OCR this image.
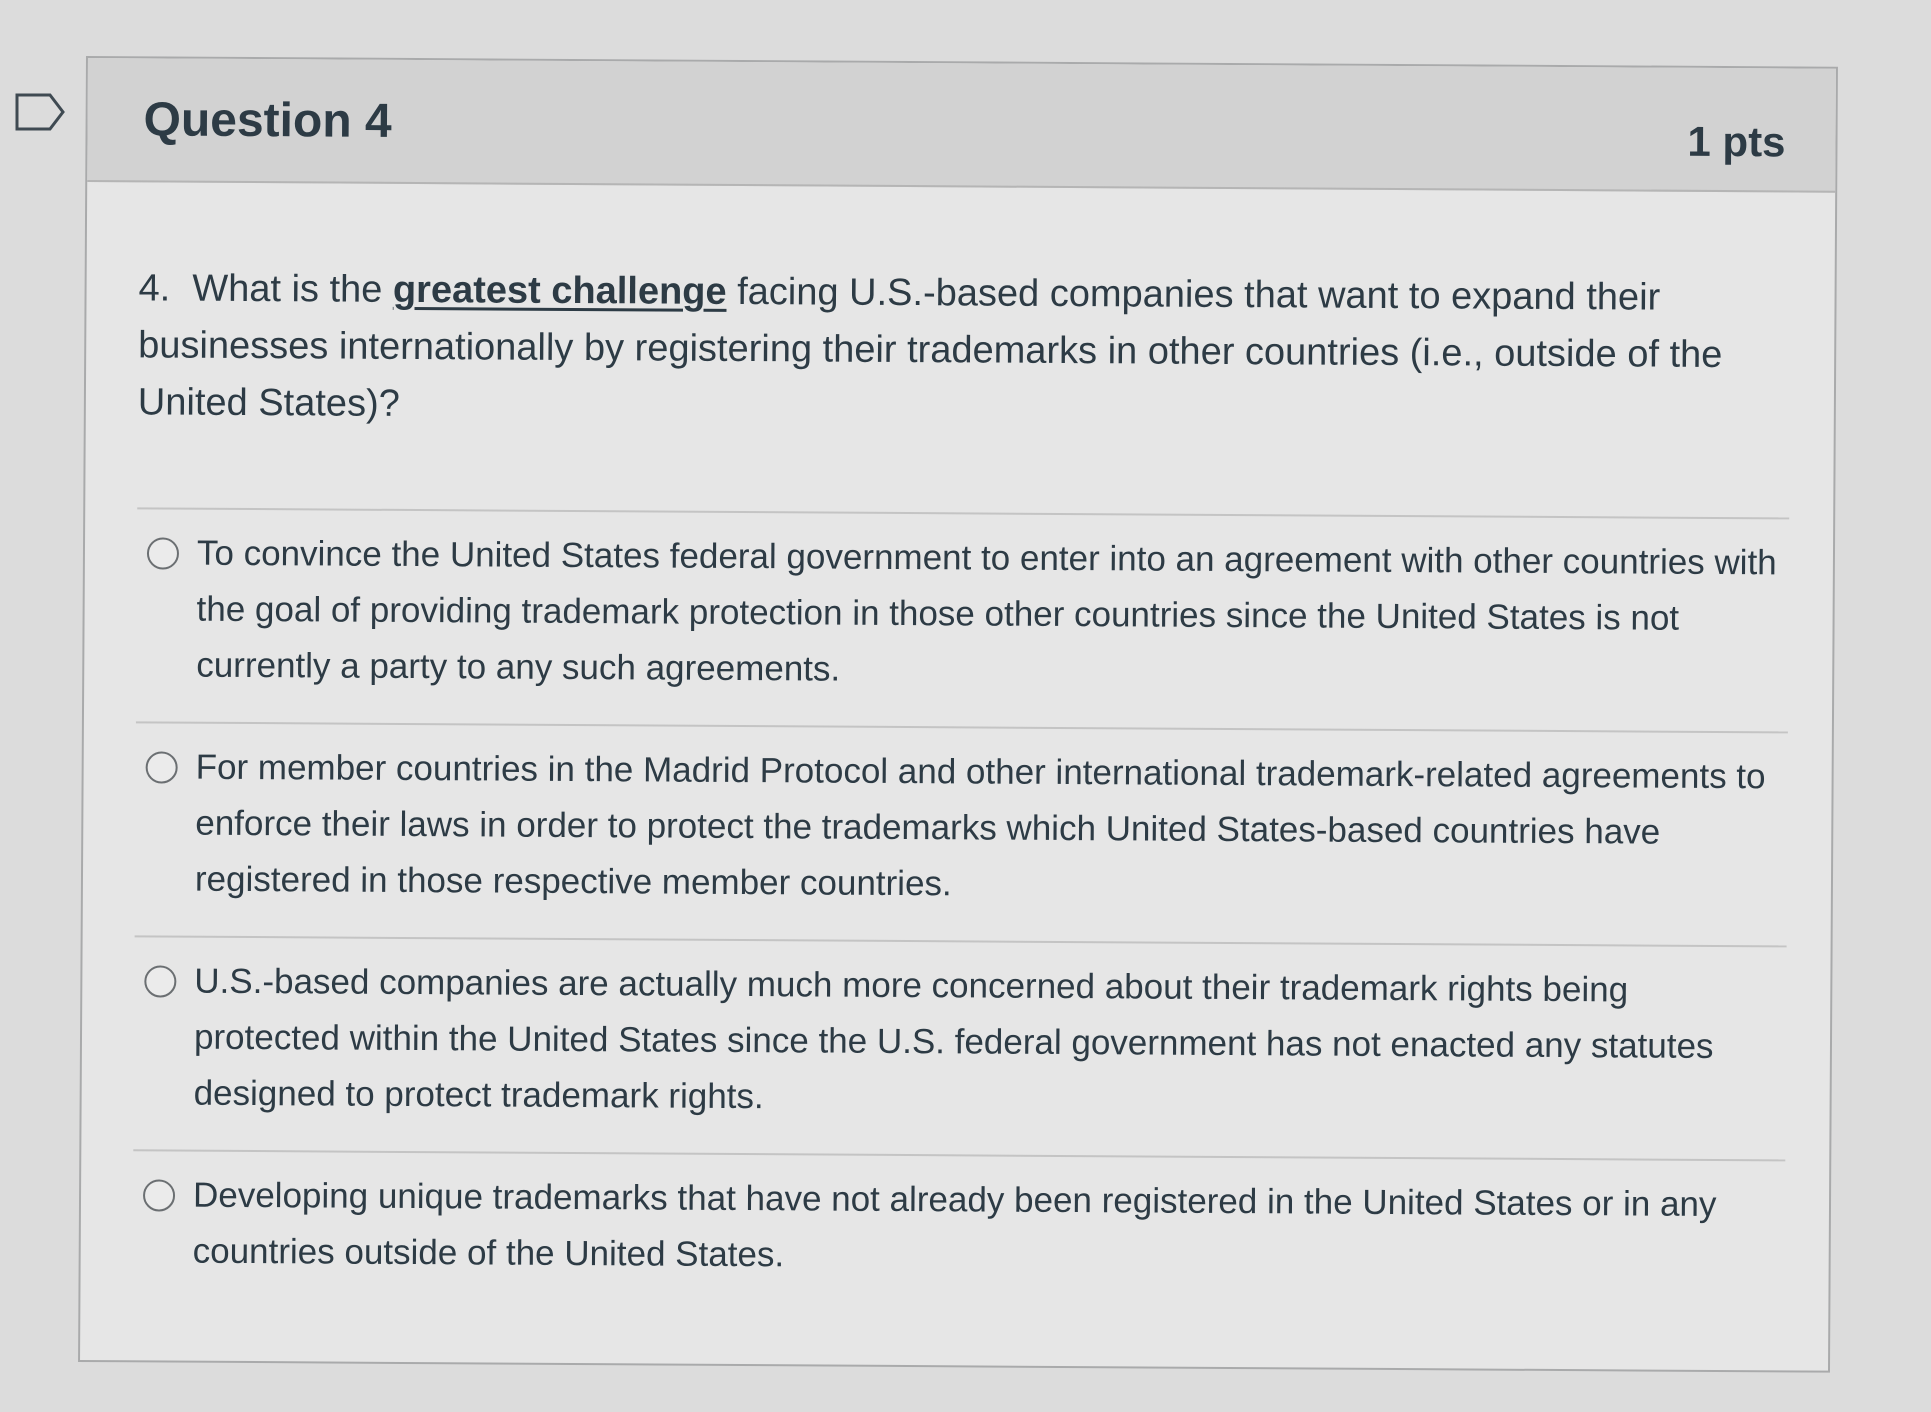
Question 4	1 pts

4. What is the greatest challenge facing U.S.-based companies that want to expand their businesses internationally by registering their trademarks in other countries (i.e., outside of the United States)?

To convince the United States federal government to enter into an agreement with other countries with the goal of providing trademark protection in those other countries since the United States is not currently a party to any such agreements.
For member countries in the Madrid Protocol and other international trademark-related agreements to enforce their laws in order to protect the trademarks which United States-based countries have registered in those respective member countries.
U.S.-based companies are actually much more concerned about their trademark rights being protected within the United States since the U.S. federal government has not enacted any statutes designed to protect trademark rights.
Developing unique trademarks that have not already been registered in the United States or in any countries outside of the United States.
